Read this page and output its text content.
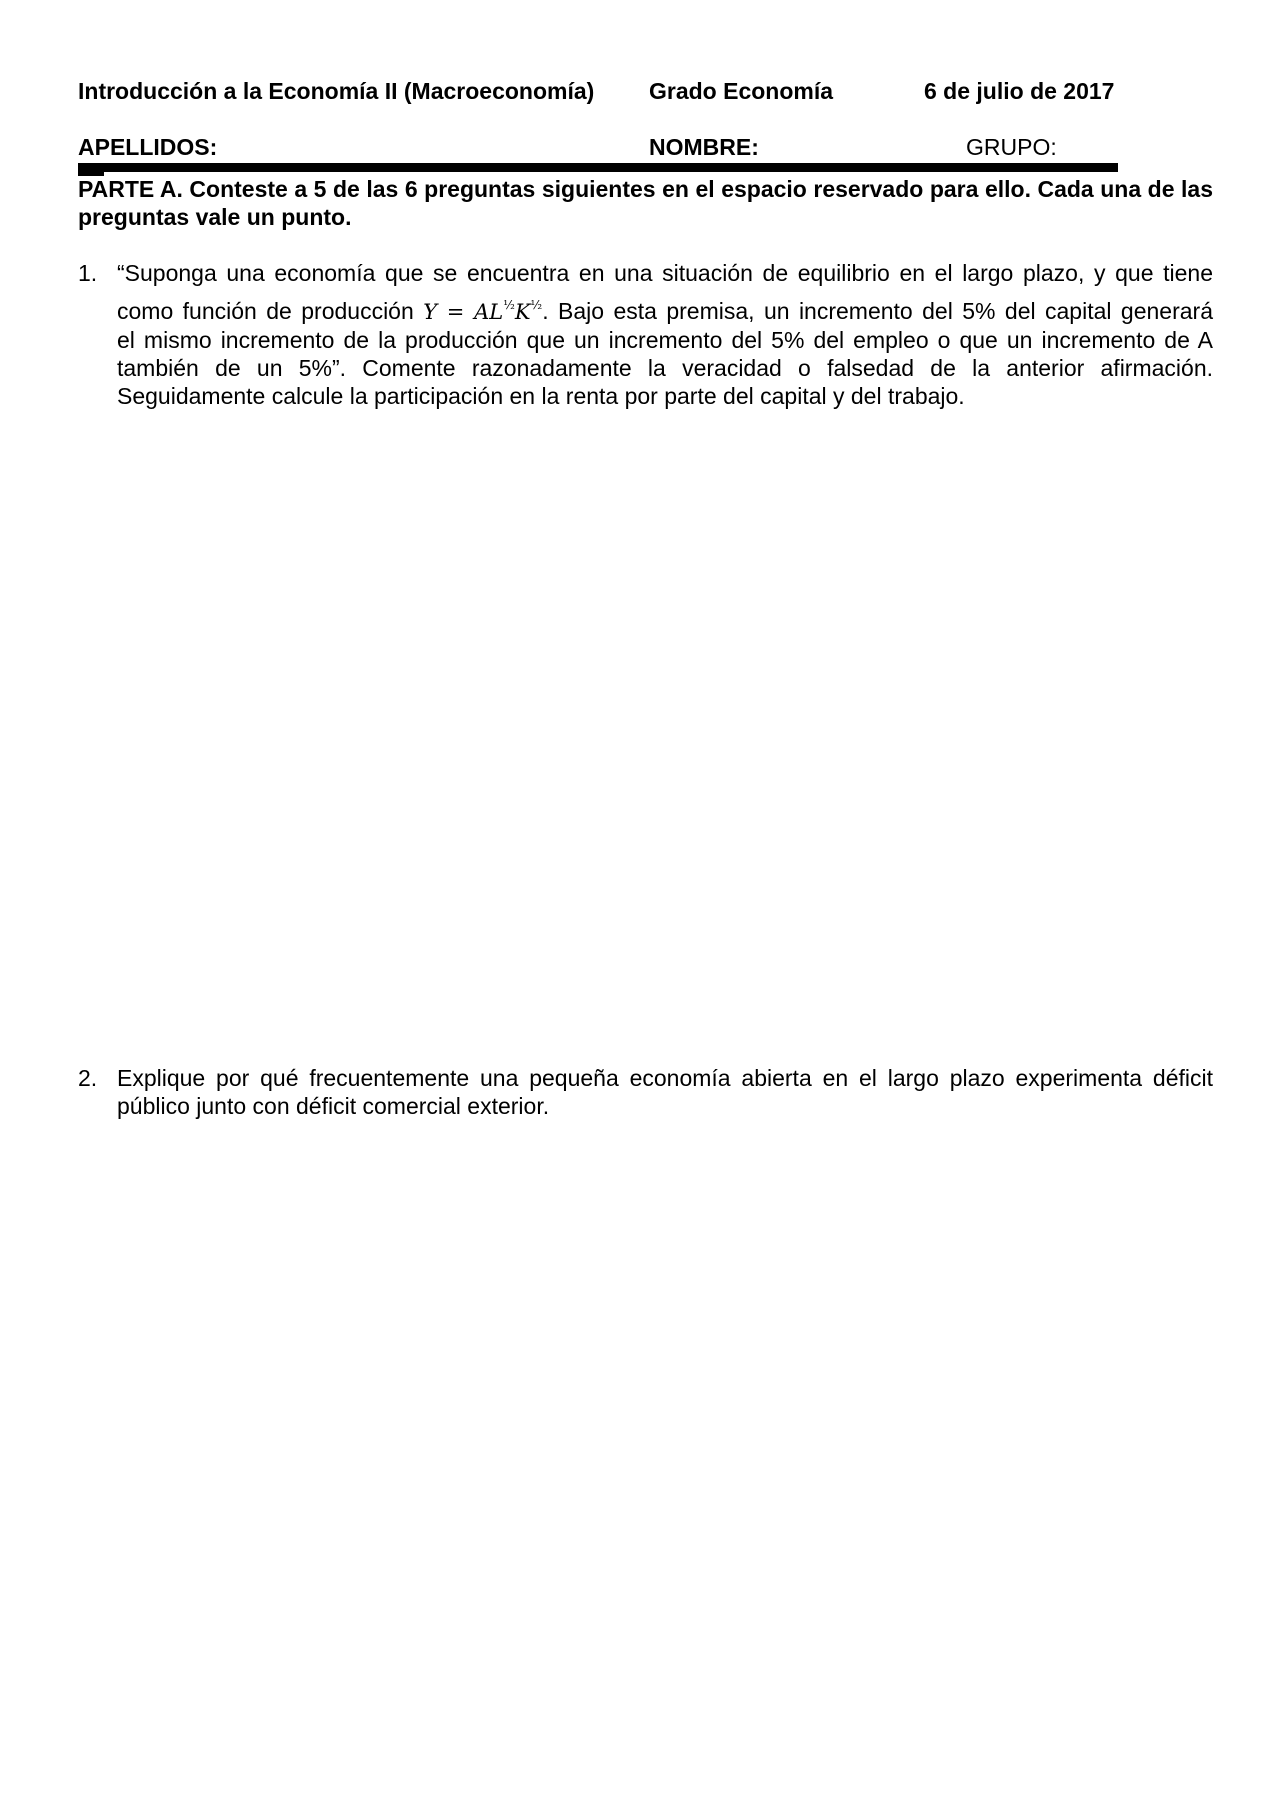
Introducción a la Economía II (Macroeconomía) Grado Economía	6 de julio de 2017
APELLIDOS:	NOMBRE:	GRUPO:
PARTE A. Conteste a 5 de las 6 preguntas siguientes en el espacio reservado para ello. Cada una de las preguntas vale un punto.
1. “Suponga una economía que se encuentra en una situación de equilibrio en el largo plazo, y que tiene
como función de producción $Y = AL^{\frac{1}{2}}K^{\frac{1}{2}}$. Bajo esta premisa, un incremento del 5% del capital generará
el mismo incremento de la producción que un incremento del 5% del empleo o que un incremento de A también de un 5%”. Comente razonadamente la veracidad o falsedad de la anterior afirmación. Seguidamente calcule la participación en la renta por parte del capital y del trabajo.
2. Explique por qué frecuentemente una pequeña economía abierta en el largo plazo experimenta déficit público junto con déficit comercial exterior.
